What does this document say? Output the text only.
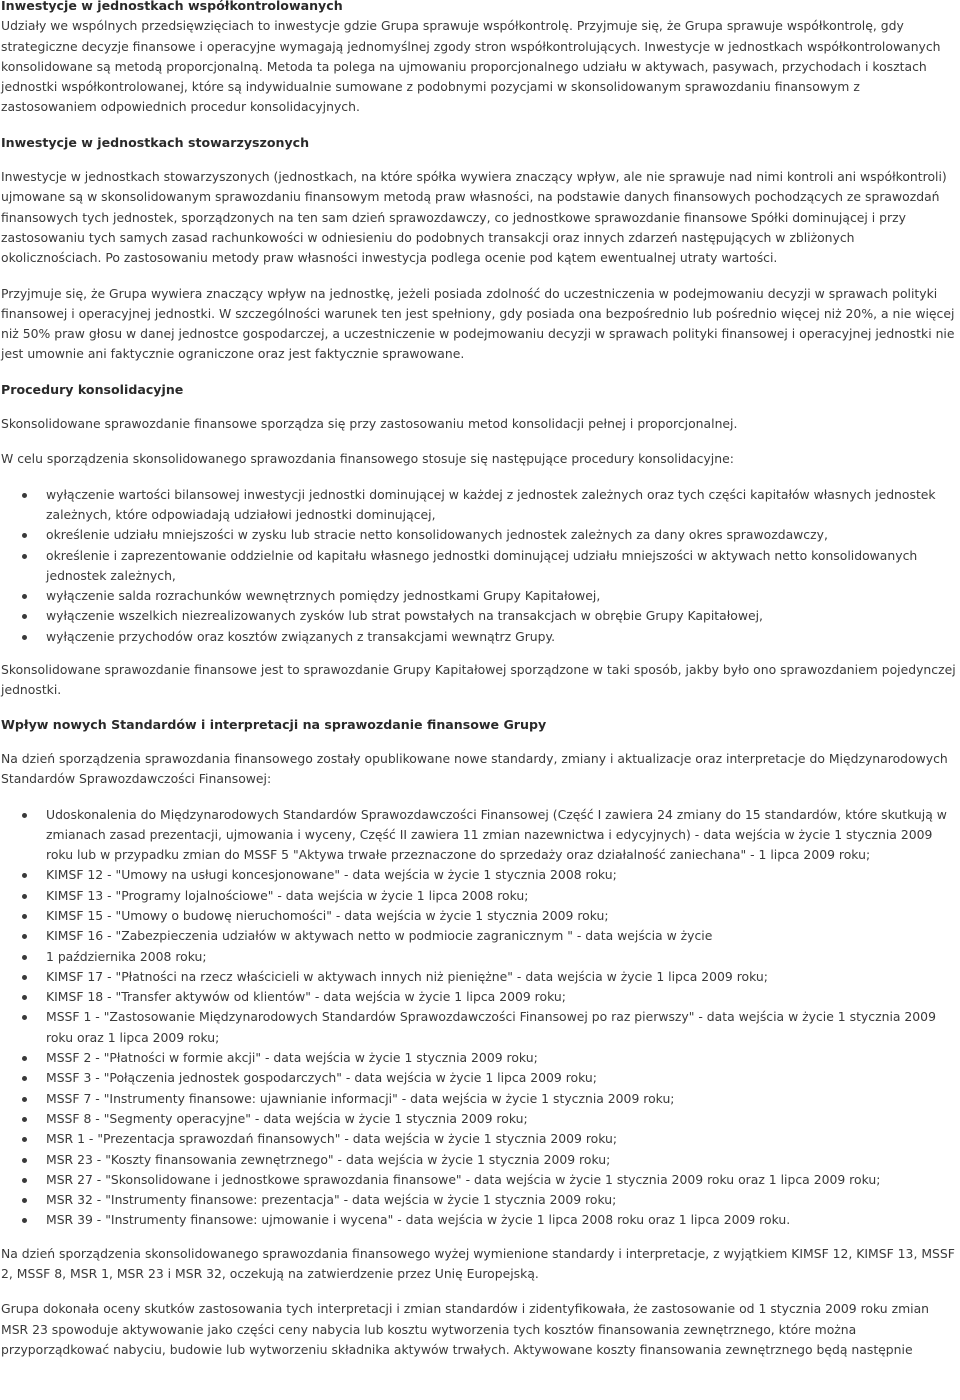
Inwestycje w jednostkach współkontrolowanych

Udziały we wspólnych przedsięwzięciach to inwestycje gdzie Grupa sprawuje współkontrolę. Przyjmuje się, że Grupa sprawuje współkontrolę, gdy strategiczne decyzje finansowe i operacyjne wymagają jednomyślnej zgody stron współkontrolujących. Inwestycje w jednostkach współkontrolowanych konsolidowane są metodą proporcjonalną. Metoda ta polega na ujmowaniu proporcjonalnego udziału w aktywach, pasywach, przychodach i kosztach jednostki współkontrolowanej, które są indywidualnie sumowane z podobnymi pozycjami w skonsolidowanym sprawozdaniu finansowym z zastosowaniem odpowiednich procedur konsolidacyjnych.

Inwestycje w jednostkach stowarzyszonych

Inwestycje w jednostkach stowarzyszonych (jednostkach, na które spółka wywiera znaczący wpływ, ale nie sprawuje nad nimi kontroli ani współkontroli) ujmowane są w skonsolidowanym sprawozdaniu finansowym metodą praw własności, na podstawie danych finansowych pochodzących ze sprawozdań finansowych tych jednostek, sporządzonych na ten sam dzień sprawozdawczy, co jednostkowe sprawozdanie finansowe Spółki dominującej i przy zastosowaniu tych samych zasad rachunkowości w odniesieniu do podobnych transakcji oraz innych zdarzeń następujących w zbliżonych okolicznościach. Po zastosowaniu metody praw własności inwestycja podlega ocenie pod kątem ewentualnej utraty wartości.

Przyjmuje się, że Grupa wywiera znaczący wpływ na jednostkę, jeżeli posiada zdolność do uczestniczenia w podejmowaniu decyzji w sprawach polityki finansowej i operacyjnej jednostki. W szczególności warunek ten jest spełniony, gdy posiada ona bezpośrednio lub pośrednio więcej niż 20%, a nie więcej niż 50% praw głosu w danej jednostce gospodarczej, a uczestniczenie w podejmowaniu decyzji w sprawach polityki finansowej i operacyjnej jednostki nie jest umownie ani faktycznie ograniczone oraz jest faktycznie sprawowane.

Procedury konsolidacyjne

Skonsolidowane sprawozdanie finansowe sporządza się przy zastosowaniu metod konsolidacji pełnej i proporcjonalnej.

W celu sporządzenia skonsolidowanego sprawozdania finansowego stosuje się następujące procedury konsolidacyjne:

wyłączenie wartości bilansowej inwestycji jednostki dominującej w każdej z jednostek zależnych oraz tych części kapitałów własnych jednostek zależnych, które odpowiadają udziałowi jednostki dominującej,
określenie udziału mniejszości w zysku lub stracie netto konsolidowanych jednostek zależnych za dany okres sprawozdawczy,
określenie i zaprezentowanie oddzielnie od kapitału własnego jednostki dominującej udziału mniejszości w aktywach netto konsolidowanych jednostek zależnych,
wyłączenie salda rozrachunków wewnętrznych pomiędzy jednostkami Grupy Kapitałowej,
wyłączenie wszelkich niezrealizowanych zysków lub strat powstałych na transakcjach w obrębie Grupy Kapitałowej,
wyłączenie przychodów oraz kosztów związanych z transakcjami wewnątrz Grupy.

Skonsolidowane sprawozdanie finansowe jest to sprawozdanie Grupy Kapitałowej sporządzone w taki sposób, jakby było ono sprawozdaniem pojedynczej jednostki.

Wpływ nowych Standardów i interpretacji na sprawozdanie finansowe Grupy

Na dzień sporządzenia sprawozdania finansowego zostały opublikowane nowe standardy, zmiany i aktualizacje oraz interpretacje do Międzynarodowych Standardów Sprawozdawczości Finansowej:

Udoskonalenia do Międzynarodowych Standardów Sprawozdawczości Finansowej (Część I zawiera 24 zmiany do 15 standardów, które skutkują w zmianach zasad prezentacji, ujmowania i wyceny, Część II zawiera 11 zmian nazewnictwa i edycyjnych) - data wejścia w życie 1 stycznia 2009 roku lub w przypadku zmian do MSSF 5 "Aktywa trwałe przeznaczone do sprzedaży oraz działalność zaniechana" - 1 lipca 2009 roku;
KIMSF 12 - "Umowy na usługi koncesjonowane" - data wejścia w życie 1 stycznia 2008 roku;
KIMSF 13 - "Programy lojalnościowe" - data wejścia w życie 1 lipca 2008 roku;
KIMSF 15 - "Umowy o budowę nieruchomości" - data wejścia w życie 1 stycznia 2009 roku;
KIMSF 16 - "Zabezpieczenia udziałów w aktywach netto w podmiocie zagranicznym " - data wejścia w życie
1 października 2008 roku;
KIMSF 17 - "Płatności na rzecz właścicieli w aktywach innych niż pieniężne" - data wejścia w życie 1 lipca 2009 roku;
KIMSF 18 - "Transfer aktywów od klientów" - data wejścia w życie 1 lipca 2009 roku;
MSSF 1 - "Zastosowanie Międzynarodowych Standardów Sprawozdawczości Finansowej po raz pierwszy" - data wejścia w życie 1 stycznia 2009 roku oraz 1 lipca 2009 roku;
MSSF 2 - "Płatności w formie akcji" - data wejścia w życie 1 stycznia 2009 roku;
MSSF 3 - "Połączenia jednostek gospodarczych" - data wejścia w życie 1 lipca 2009 roku;
MSSF 7 - "Instrumenty finansowe: ujawnianie informacji" - data wejścia w życie 1 stycznia 2009 roku;
MSSF 8 - "Segmenty operacyjne" - data wejścia w życie 1 stycznia 2009 roku;
MSR 1 - "Prezentacja sprawozdań finansowych" - data wejścia w życie 1 stycznia 2009 roku;
MSR 23 - "Koszty finansowania zewnętrznego" - data wejścia w życie 1 stycznia 2009 roku;
MSR 27 - "Skonsolidowane i jednostkowe sprawozdania finansowe" - data wejścia w życie 1 stycznia 2009 roku oraz 1 lipca 2009 roku;
MSR 32 - "Instrumenty finansowe: prezentacja" - data wejścia w życie 1 stycznia 2009 roku;
MSR 39 - "Instrumenty finansowe: ujmowanie i wycena" - data wejścia w życie 1 lipca 2008 roku oraz 1 lipca 2009 roku.

Na dzień sporządzenia skonsolidowanego sprawozdania finansowego wyżej wymienione standardy i interpretacje, z wyjątkiem KIMSF 12, KIMSF 13, MSSF 2, MSSF 8, MSR 1, MSR 23 i MSR 32, oczekują na zatwierdzenie przez Unię Europejską.

Grupa dokonała oceny skutków zastosowania tych interpretacji i zmian standardów i zidentyfikowała, że zastosowanie od 1 stycznia 2009 roku zmian MSR 23 spowoduje aktywowanie jako części ceny nabycia lub kosztu wytworzenia tych kosztów finansowania zewnętrznego, które można przyporządkować nabyciu, budowie lub wytworzeniu składnika aktywów trwałych. Aktywowane koszty finansowania zewnętrznego będą następnie
